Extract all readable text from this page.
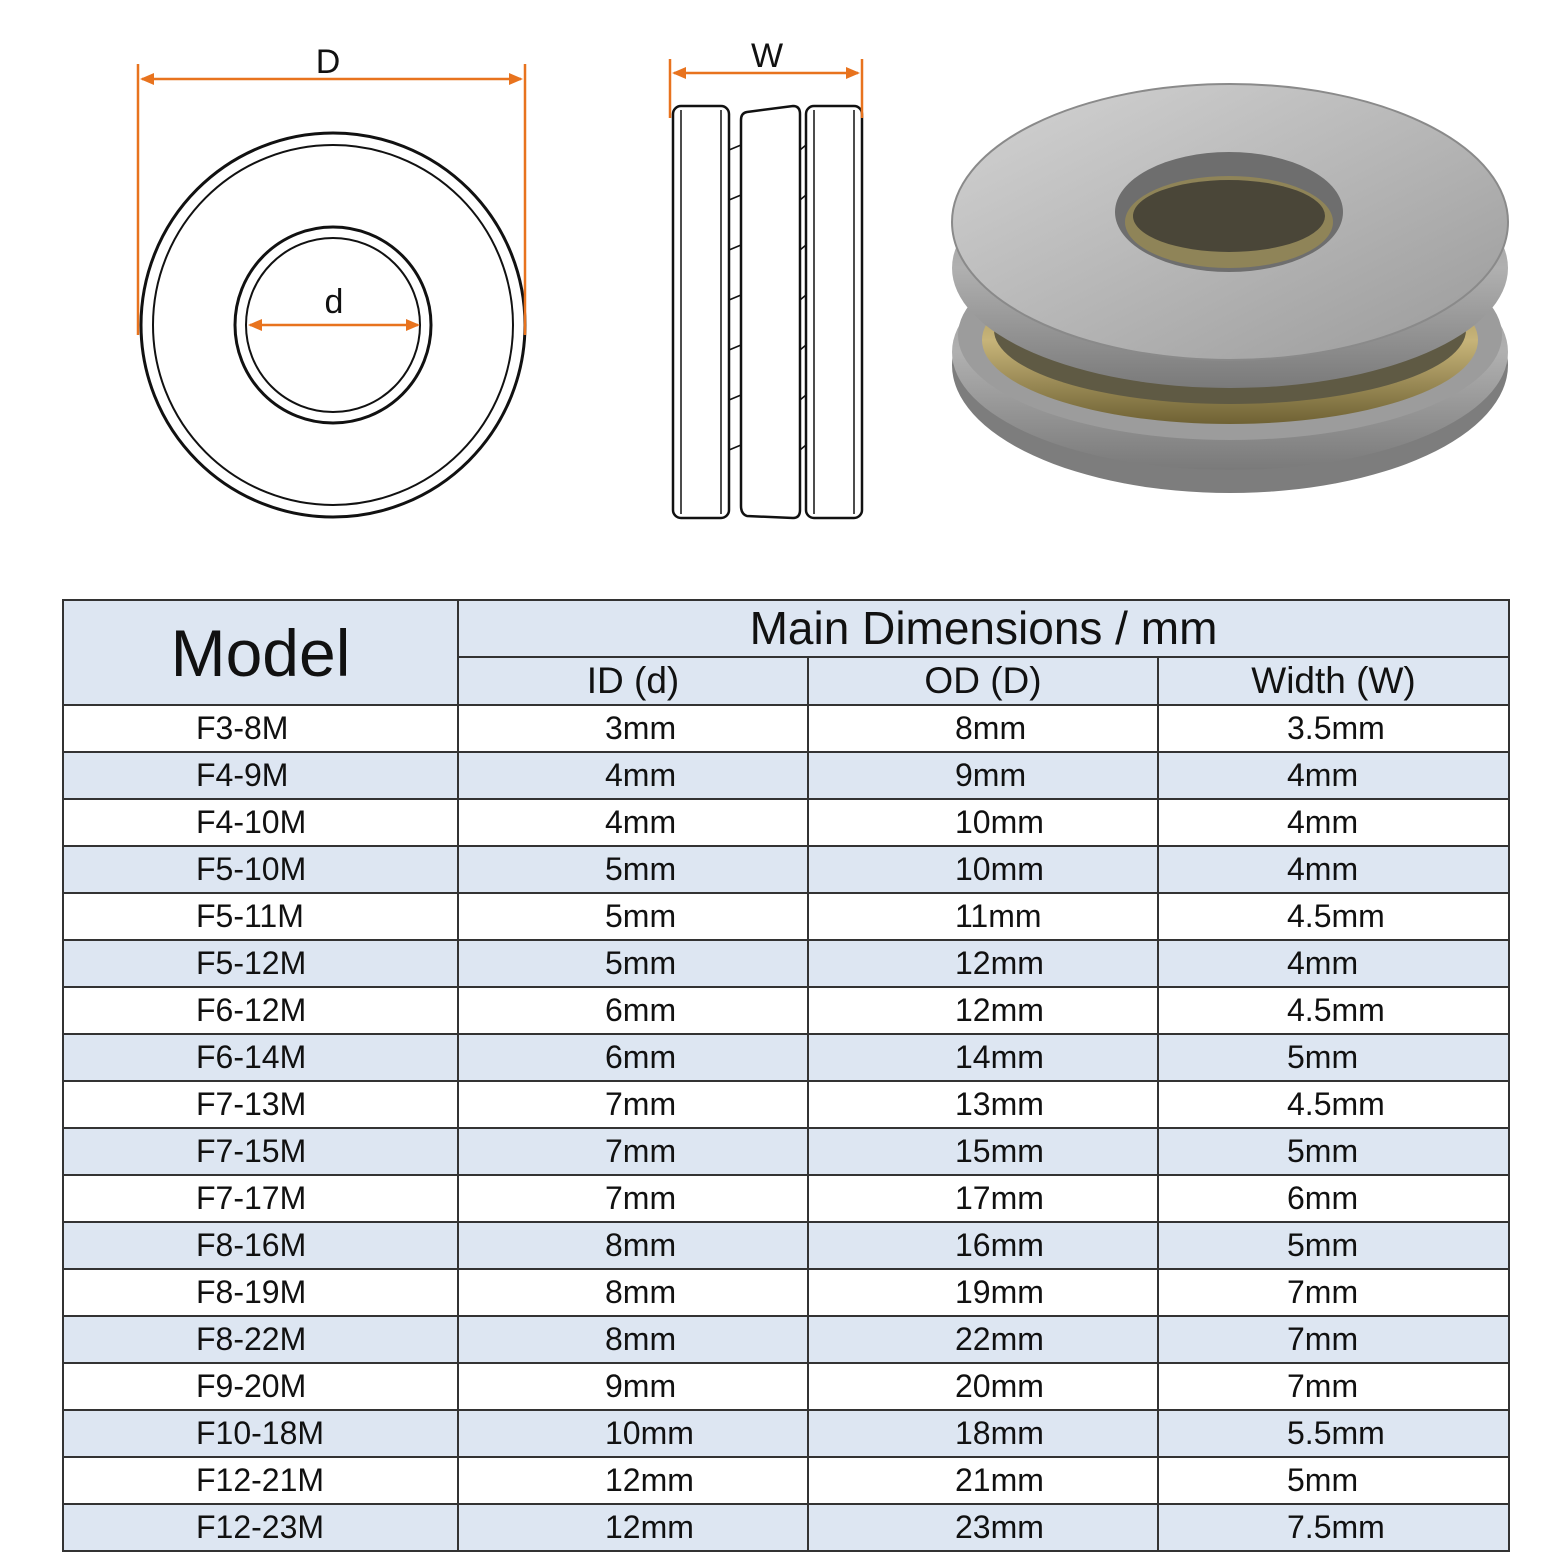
D
d
W
Model	Main Dimensions / mm		
	ID (d)	OD (D)	Width (W)
F3-8M	3mm	8mm	3.5mm
F4-9M	4mm	9mm	4mm
F4-10M	4mm	10mm	4mm
F5-10M	5mm	10mm	4mm
F5-11M	5mm	11mm	4.5mm
F5-12M	5mm	12mm	4mm
F6-12M	6mm	12mm	4.5mm
F6-14M	6mm	14mm	5mm
F7-13M	7mm	13mm	4.5mm
F7-15M	7mm	15mm	5mm
F7-17M	7mm	17mm	6mm
F8-16M	8mm	16mm	5mm
F8-19M	8mm	19mm	7mm
F8-22M	8mm	22mm	7mm
F9-20M	9mm	20mm	7mm
F10-18M	10mm	18mm	5.5mm
F12-21M	12mm	21mm	5mm
F12-23M	12mm	23mm	7.5mm
